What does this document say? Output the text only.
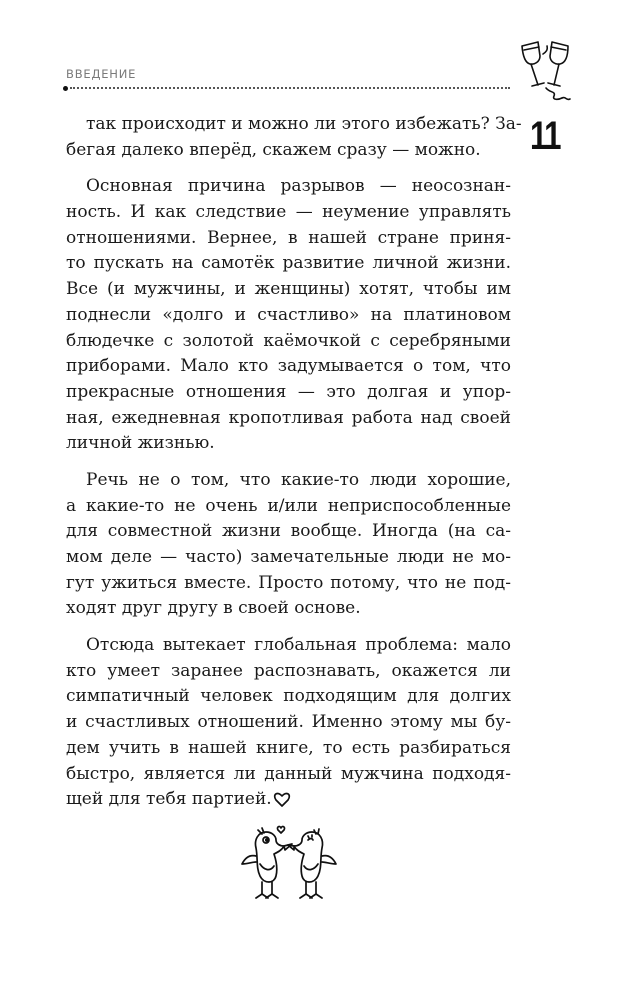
ВВЕДЕНИЕ
11

так происходит и можно ли этого избежать? За-
бегая далеко вперёд, скажем сразу — можно.

Основная причина разрывов — неосознан-
ность. И как следствие — неумение управлять
отношениями. Вернее, в нашей стране приня-
то пускать на самотёк развитие личной жизни.
Все (и мужчины, и женщины) хотят, чтобы им
поднесли «долго и счастливо» на платиновом
блюдечке с золотой каёмочкой с серебряными
приборами. Мало кто задумывается о том, что
прекрасные отношения — это долгая и упор-
ная, ежедневная кропотливая работа над своей
личной жизнью.

Речь не о том, что какие-то люди хорошие,
а какие-то не очень и/или неприспособленные
для совместной жизни вообще. Иногда (на са-
мом деле — часто) замечательные люди не мо-
гут ужиться вместе. Просто потому, что не под-
ходят друг другу в своей основе.

Отсюда вытекает глобальная проблема: мало
кто умеет заранее распознавать, окажется ли
симпатичный человек подходящим для долгих
и счастливых отношений. Именно этому мы бу-
дем учить в нашей книге, то есть разбираться
быстро, является ли данный мужчина подходя-
щей для тебя партией.
